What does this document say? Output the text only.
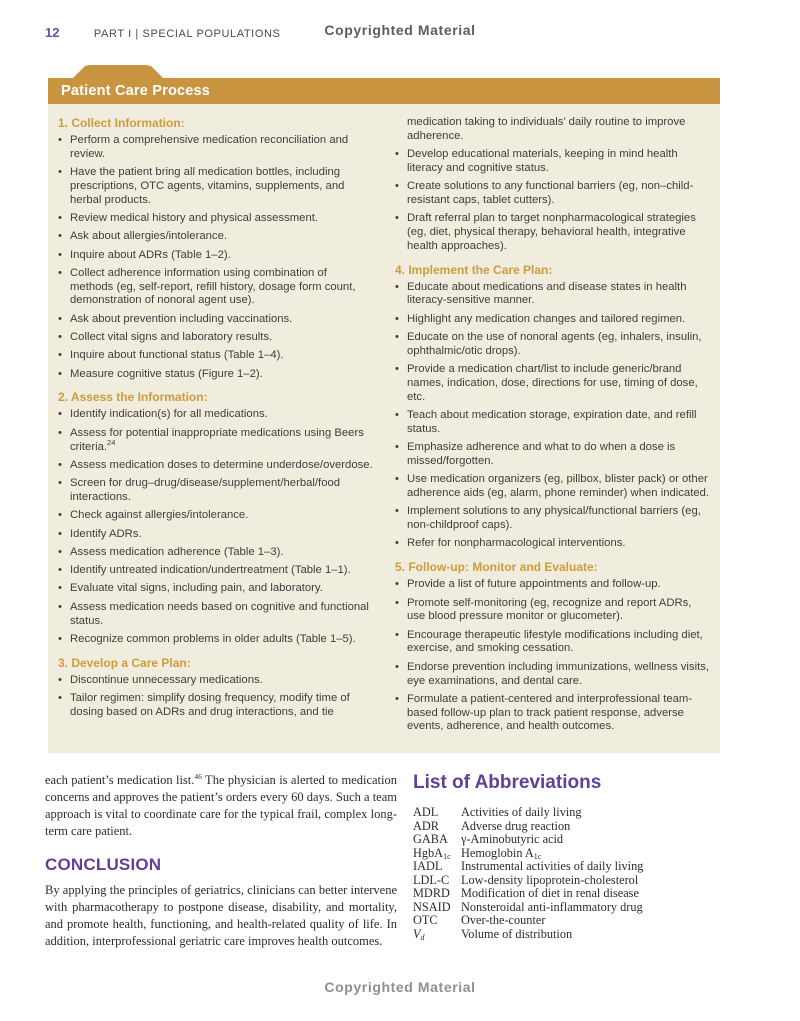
12	PART I | SPECIAL POPULATIONS	Copyrighted Material
Patient Care Process
1. Collect Information:
• Perform a comprehensive medication reconciliation and review.
• Have the patient bring all medication bottles, including prescriptions, OTC agents, vitamins, supplements, and herbal products.
• Review medical history and physical assessment.
• Ask about allergies/intolerance.
• Inquire about ADRs (Table 1–2).
• Collect adherence information using combination of methods (eg, self-report, refill history, dosage form count, demonstration of nonoral agent use).
• Ask about prevention including vaccinations.
• Collect vital signs and laboratory results.
• Inquire about functional status (Table 1–4).
• Measure cognitive status (Figure 1–2).
2. Assess the Information:
• Identify indication(s) for all medications.
• Assess for potential inappropriate medications using Beers criteria.$^{24}$
• Assess medication doses to determine underdose/overdose.
• Screen for drug–drug/disease/supplement/herbal/food interactions.
• Check against allergies/intolerance.
• Identify ADRs.
• Assess medication adherence (Table 1–3).
• Identify untreated indication/undertreatment (Table 1–1).
• Evaluate vital signs, including pain, and laboratory.
• Assess medication needs based on cognitive and functional status.
• Recognize common problems in older adults (Table 1–5).
3. Develop a Care Plan:
• Discontinue unnecessary medications.
• Tailor regimen: simplify dosing frequency, modify time of dosing based on ADRs and drug interactions, and tie
medication taking to individuals’ daily routine to improve adherence.
• Develop educational materials, keeping in mind health literacy and cognitive status.
• Create solutions to any functional barriers (eg, non–child-resistant caps, tablet cutters).
• Draft referral plan to target nonpharmacological strategies (eg, diet, physical therapy, behavioral health, integrative health approaches).
4. Implement the Care Plan:
• Educate about medications and disease states in health literacy-sensitive manner.
• Highlight any medication changes and tailored regimen.
• Educate on the use of nonoral agents (eg, inhalers, insulin, ophthalmic/otic drops).
• Provide a medication chart/list to include generic/brand names, indication, dose, directions for use, timing of dose, etc.
• Teach about medication storage, expiration date, and refill status.
• Emphasize adherence and what to do when a dose is missed/forgotten.
• Use medication organizers (eg, pillbox, blister pack) or other adherence aids (eg, alarm, phone reminder) when indicated.
• Implement solutions to any physical/functional barriers (eg, non-childproof caps).
• Refer for nonpharmacological interventions.
5. Follow-up: Monitor and Evaluate:
• Provide a list of future appointments and follow-up.
• Promote self-monitoring (eg, recognize and report ADRs, use blood pressure monitor or glucometer).
• Encourage therapeutic lifestyle modifications including diet, exercise, and smoking cessation.
• Endorse prevention including immunizations, wellness visits, eye examinations, and dental care.
• Formulate a patient-centered and interprofessional team-based follow-up plan to track patient response, adverse events, adherence, and health outcomes.

each patient’s medication list.$^{46}$ The physician is alerted to medication concerns and approves the patient’s orders every 60 days. Such a team approach is vital to coordinate care for the typical frail, complex long-term care patient.

CONCLUSION

By applying the principles of geriatrics, clinicians can better intervene with pharmacotherapy to postpone disease, disability, and mortality, and promote health, functioning, and health-related quality of life. In addition, interprofessional geriatric care improves health outcomes.

List of Abbreviations
ADL	Activities of daily living
ADR	Adverse drug reaction
GABA	γ-Aminobutyric acid
HgbA$_{1c}$ Hemoglobin $A_{1c}$
IADL	Instrumental activities of daily living
LDL-C Low-density lipoprotein-cholesterol
MDRD Modification of diet in renal disease
NSAID Nonsteroidal anti-inflammatory drug
OTC	Over-the-counter
$V_d$	Volume of distribution
Copyrighted Material
